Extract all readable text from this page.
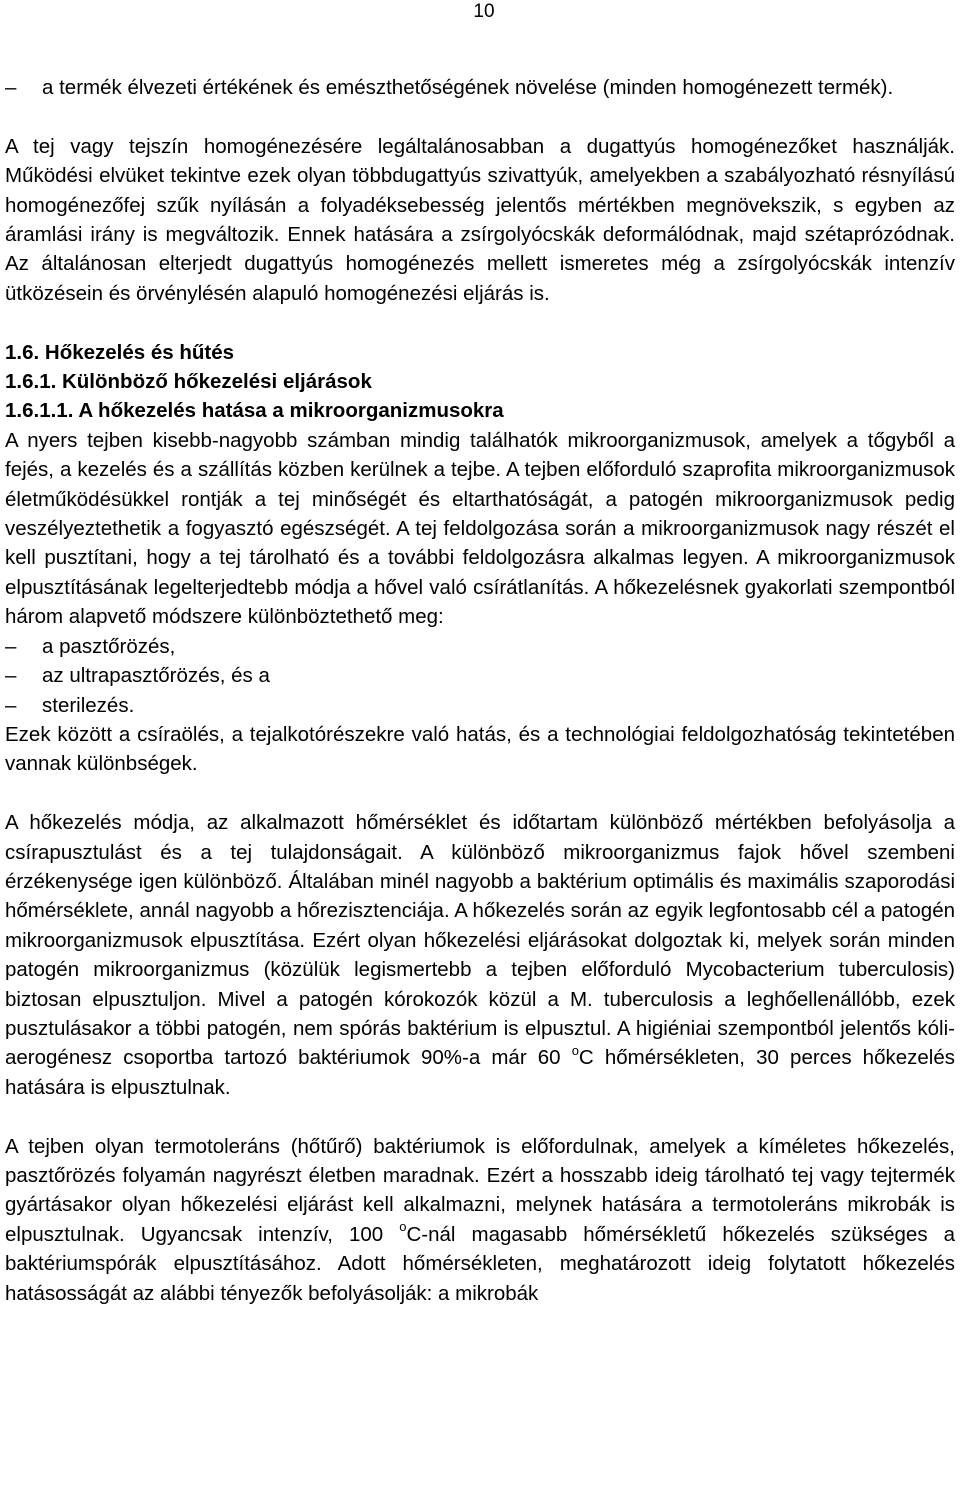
10
– a termék élvezeti értékének és emészthetőségének növelése (minden homogénezett termék).

A tej vagy tejszín homogénezésére legáltalánosabban a dugattyús homogénezőket használják. Működési elvüket tekintve ezek olyan többdugattyús szivattyúk, amelyekben a szabályozható résnyílású homogénezőfej szűk nyílásán a folyadéksebesség jelentős mértékben megnövekszik, s egyben az áramlási irány is megváltozik. Ennek hatására a zsírgolyócskák deformálódnak, majd szétaprózódnak. Az általánosan elterjedt dugattyús homogénezés mellett ismeretes még a zsírgolyócskák intenzív ütközésein és örvénylésén alapuló homogénezési eljárás is.

1.6. Hőkezelés és hűtés
1.6.1. Különböző hőkezelési eljárások
1.6.1.1. A hőkezelés hatása a mikroorganizmusokra

A nyers tejben kisebb-nagyobb számban mindig találhatók mikroorganizmusok, amelyek a tőgyből a fejés, a kezelés és a szállítás közben kerülnek a tejbe. A tejben előforduló szaprofita mikroorganizmusok életműködésükkel rontják a tej minőségét és eltarthatóságát, a patogén mikroorganizmusok pedig veszélyeztethetik a fogyasztó egészségét. A tej feldolgozása során a mikroorganizmusok nagy részét el kell pusztítani, hogy a tej tárolható és a további feldolgozásra alkalmas legyen. A mikroorganizmusok elpusztításának legelterjedtebb módja a hővel való csírátlanítás. A hőkezelésnek gyakorlati szempontból három alapvető módszere különböztethető meg:

– a pasztőrözés,
– az ultrapasztőrözés, és a
– sterilezés.

Ezek között a csíraölés, a tejalkotórészekre való hatás, és a technológiai feldolgozhatóság tekintetében vannak különbségek.

A hőkezelés módja, az alkalmazott hőmérséklet és időtartam különböző mértékben befolyásolja a csírapusztulást és a tej tulajdonságait. A különböző mikroorganizmus fajok hővel szembeni érzékenysége igen különböző. Általában minél nagyobb a baktérium optimális és maximális szaporodási hőmérséklete, annál nagyobb a hőrezisztenciája. A hőkezelés során az egyik legfontosabb cél a patogén mikroorganizmusok elpusztítása. Ezért olyan hőkezelési eljárásokat dolgoztak ki, melyek során minden patogén mikroorganizmus (közülük legismertebb a tejben előforduló Mycobacterium tuberculosis) biztosan elpusztuljon. Mivel a patogén kórokozók közül a M. tuberculosis a leghőellenállóbb, ezek pusztulásakor a többi patogén, nem spórás baktérium is elpusztul. A higiéniai szempontból jelentős kóli-aerogénesz csoportba tartozó baktériumok 90%-a már 60 $^o$C hőmérsékleten, 30 perces hőkezelés hatására is elpusztulnak.

A tejben olyan termotoleráns (hőtűrő) baktériumok is előfordulnak, amelyek a kíméletes hőkezelés, pasztőrözés folyamán nagyrészt életben maradnak. Ezért a hosszabb ideig tárolható tej vagy tejtermék gyártásakor olyan hőkezelési eljárást kell alkalmazni, melynek hatására a termotoleráns mikrobák is elpusztulnak. Ugyancsak intenzív, 100 $^o$C-nál magasabb hőmérsékletű hőkezelés szükséges a baktériumspórák elpusztításához. Adott hőmérsékleten, meghatározott ideig folytatott hőkezelés hatásosságát az alábbi tényezők befolyásolják: a mikrobák
